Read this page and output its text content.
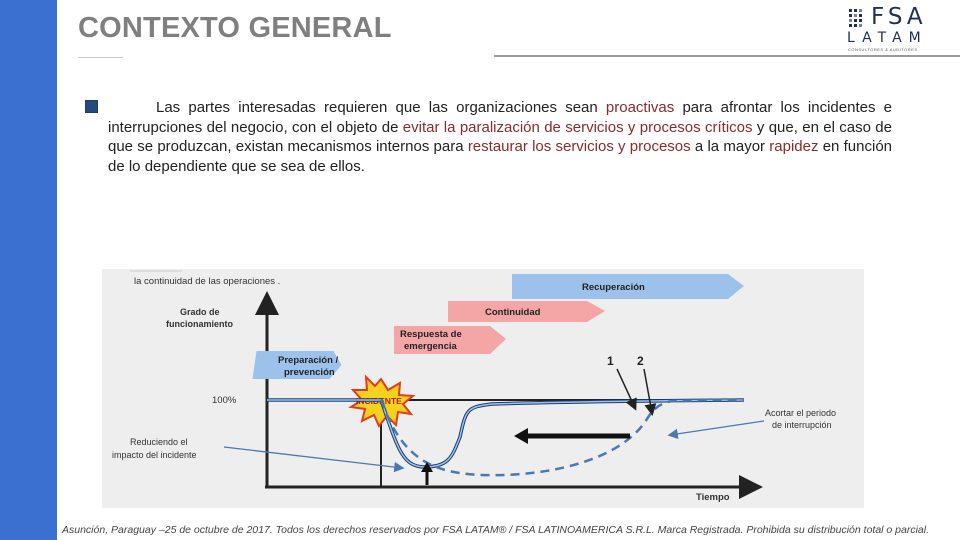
CONTEXTO GENERAL	FSA
LATAM
CONSULTORES & AUDITORES

Las partes interesadas requieren que las organizaciones sean proactivas para afrontar los incidentes e interrupciones del negocio, con el objeto de evitar la paralización de servicios y procesos críticos y que, en el caso de que se produzcan, existan mecanismos internos para restaurar los servicios y procesos a la mayor rapidez en función de lo dependiente que se sea de ellos.

la continuidad de las operaciones .
Grado de
funcionamiento
Tiempo
100%
Preparación /
prevención
Respuesta de
emergencia
Continuidad
Recuperación
INCIDENTE
1 2
Reduciendo el
impacto del incidente
Acortar el periodo
de interrupción
Asunción, Paraguay –25 de octubre de 2017. Todos los derechos reservados por FSA LATAM® / FSA LATINOAMERICA S.R.L. Marca Registrada. Prohibida su distribución total o parcial.
